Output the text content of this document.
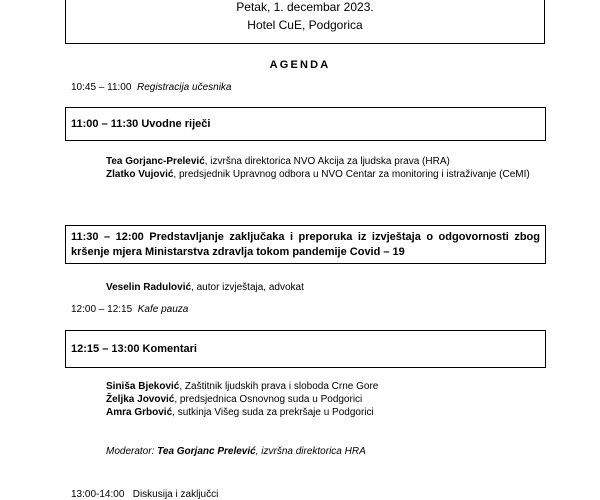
Petak, 1. decembar 2023.
Hotel CuE, Podgorica
AGENDA
10:45 – 11:00 Registracija učesnika
11:00 – 11:30 Uvodne riječi
Tea Gorjanc-Prelević, izvršna direktorica NVO Akcija za ljudska prava (HRA)
Zlatko Vujović, predsjednik Upravnog odbora u NVO Centar za monitoring i istraživanje (CeMI)
11:30 – 12:00 Predstavljanje zaključaka i preporuka iz izvještaja o odgovornosti zbog kršenje mjera Ministarstva zdravlja tokom pandemije Covid – 19
Veselin Radulović, autor izvještaja, advokat
12:00 – 12:15 Kafe pauza
12:15 – 13:00 Komentari
Siniša Bjeković, Zaštitnik ljudskih prava i sloboda Crne Gore
Željka Jovović, predsjednica Osnovnog suda u Podgorici
Amra Grbović, sutkinja Višeg suda za prekršaje u Podgorici
Moderator: Tea Gorjanc Prelević, izvršna direktorica HRA
13:00-14:00 Diskusija i zaključci
